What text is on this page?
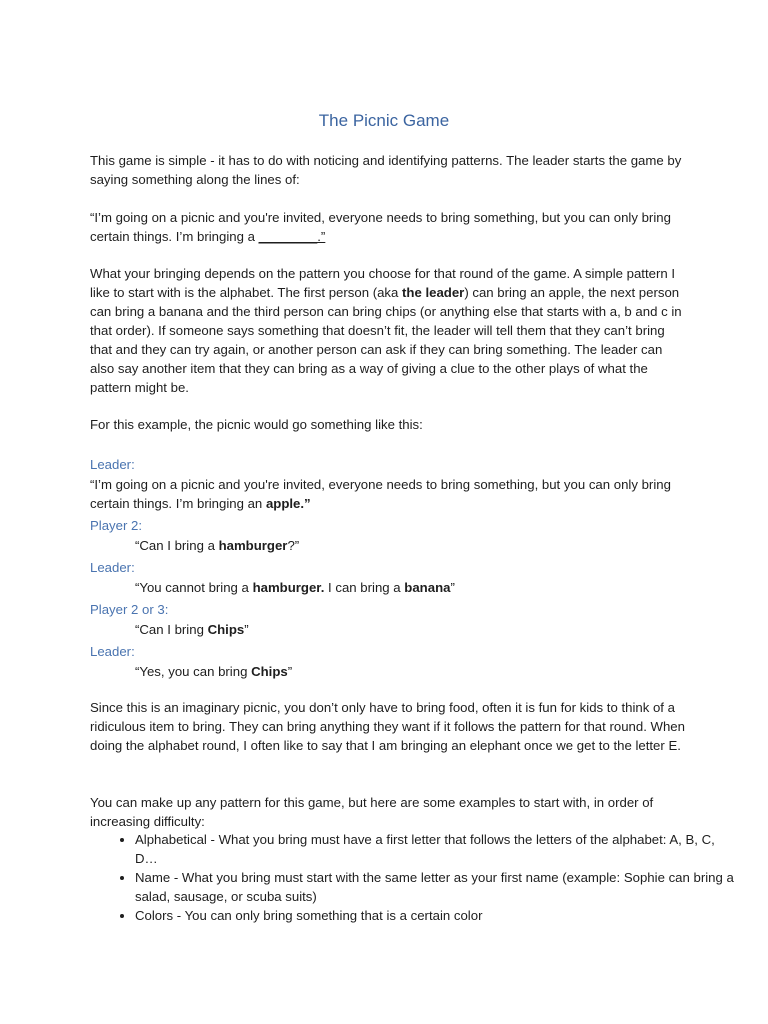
The Picnic Game

This game is simple - it has to do with noticing and identifying patterns. The leader starts the game by saying something along the lines of:

“I’m going on a picnic and you're invited, everyone needs to bring something, but you can only bring certain things. I’m bringing a ________.”

What your bringing depends on the pattern you choose for that round of the game. A simple pattern I like to start with is the alphabet. The first person (aka the leader) can bring an apple, the next person can bring a banana and the third person can bring chips (or anything else that starts with a, b and c in that order). If someone says something that doesn’t fit, the leader will tell them that they can’t bring that and they can try again, or another person can ask if they can bring something. The leader can also say another item that they can bring as a way of giving a clue to the other plays of what the pattern might be.

For this example, the picnic would go something like this:

Leader:

“I’m going on a picnic and you're invited, everyone needs to bring something, but you can only bring certain things. I’m bringing an apple.”

Player 2:

“Can I bring a hamburger?”

Leader:

“You cannot bring a hamburger. I can bring a banana”

Player 2 or 3:

“Can I bring Chips”

Leader:

“Yes, you can bring Chips”

Since this is an imaginary picnic, you don’t only have to bring food, often it is fun for kids to think of a ridiculous item to bring. They can bring anything they want if it follows the pattern for that round. When doing the alphabet round, I often like to say that I am bringing an elephant once we get to the letter E.

You can make up any pattern for this game, but here are some examples to start with, in order of increasing difficulty:

• Alphabetical - What you bring must have a first letter that follows the letters of the alphabet: A, B, C, D…
• Name - What you bring must start with the same letter as your first name (example: Sophie can bring a salad, sausage, or scuba suits)
• Colors - You can only bring something that is a certain color
